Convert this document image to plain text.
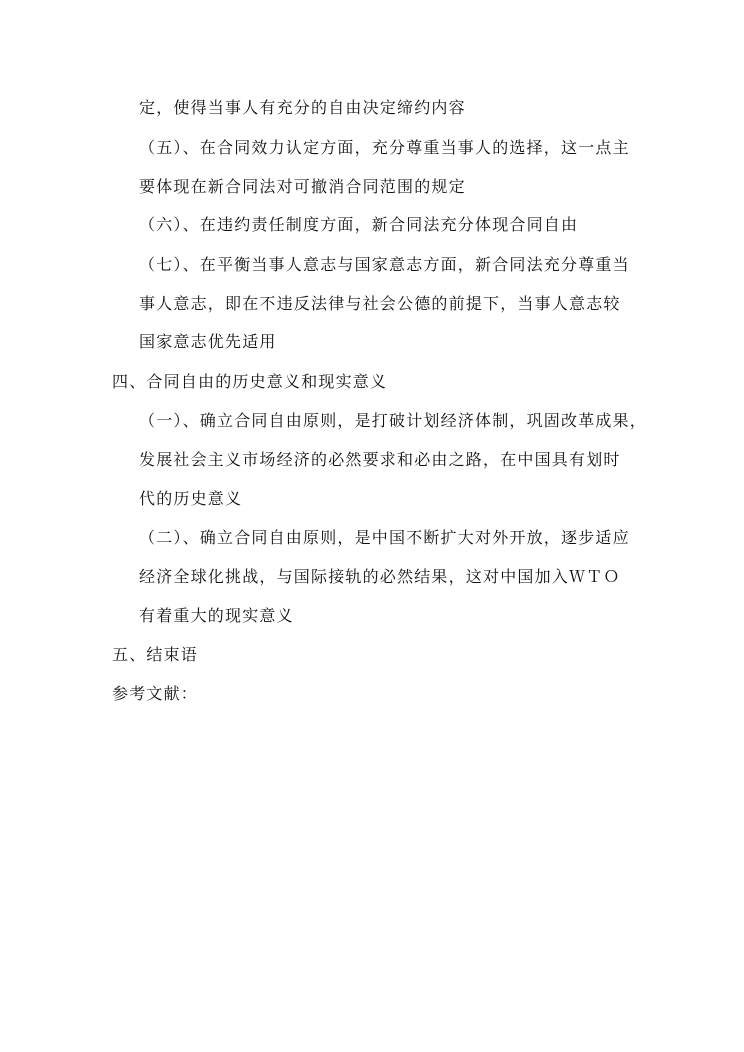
定，使得当事人有充分的自由决定缔约内容
（五）、在合同效力认定方面，充分尊重当事人的选择，这一点主
要体现在新合同法对可撤消合同范围的规定
（六）、在违约责任制度方面，新合同法充分体现合同自由
（七）、在平衡当事人意志与国家意志方面，新合同法充分尊重当
事人意志，即在不违反法律与社会公德的前提下，当事人意志较
国家意志优先适用
四、合同自由的历史意义和现实意义
（一）、确立合同自由原则，是打破计划经济体制，巩固改革成果，
发展社会主义市场经济的必然要求和必由之路，在中国具有划时
代的历史意义
（二）、确立合同自由原则，是中国不断扩大对外开放，逐步适应
经济全球化挑战，与国际接轨的必然结果，这对中国加入ＷＴＯ
有着重大的现实意义
五、结束语
参考文献：
